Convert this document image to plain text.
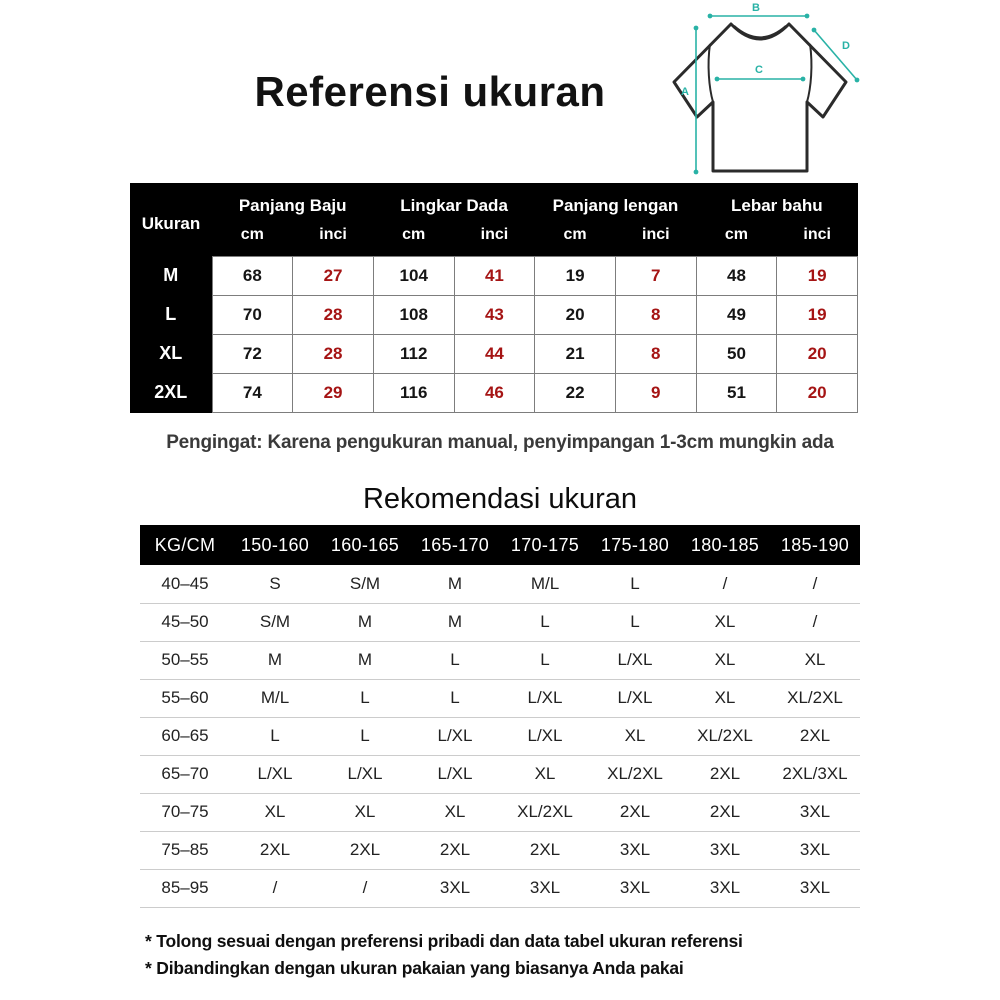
Referensi ukuran
B
D
C
A
Ukuran	Panjang Baju		Lingkar Dada		Panjang lengan		Lebar bahu	
	cm	inci	cm	inci	cm	inci	cm	inci
M	68	27	104	41	19	7	48	19
L	70	28	108	43	20	8	49	19
XL	72	28	112	44	21	8	50	20
2XL	74	29	116	46	22	9	51	20
Pengingat: Karena pengukuran manual, penyimpangan 1-3cm mungkin ada
Rekomendasi ukuran
KG/CM	150-160	160-165	165-170	170-175	175-180	180-185	185-190
40–45	S	S/M	M	M/L	L	/	/
45–50	S/M	M	M	L	L	XL	/
50–55	M	M	L	L	L/XL	XL	XL
55–60	M/L	L	L	L/XL	L/XL	XL	XL/2XL
60–65	L	L	L/XL	L/XL	XL	XL/2XL	2XL
65–70	L/XL	L/XL	L/XL	XL	XL/2XL	2XL	2XL/3XL
70–75	XL	XL	XL	XL/2XL	2XL	2XL	3XL
75–85	2XL	2XL	2XL	2XL	3XL	3XL	3XL
85–95	/	/	3XL	3XL	3XL	3XL	3XL
* Tolong sesuai dengan preferensi pribadi dan data tabel ukuran referensi
* Dibandingkan dengan ukuran pakaian yang biasanya Anda pakai
